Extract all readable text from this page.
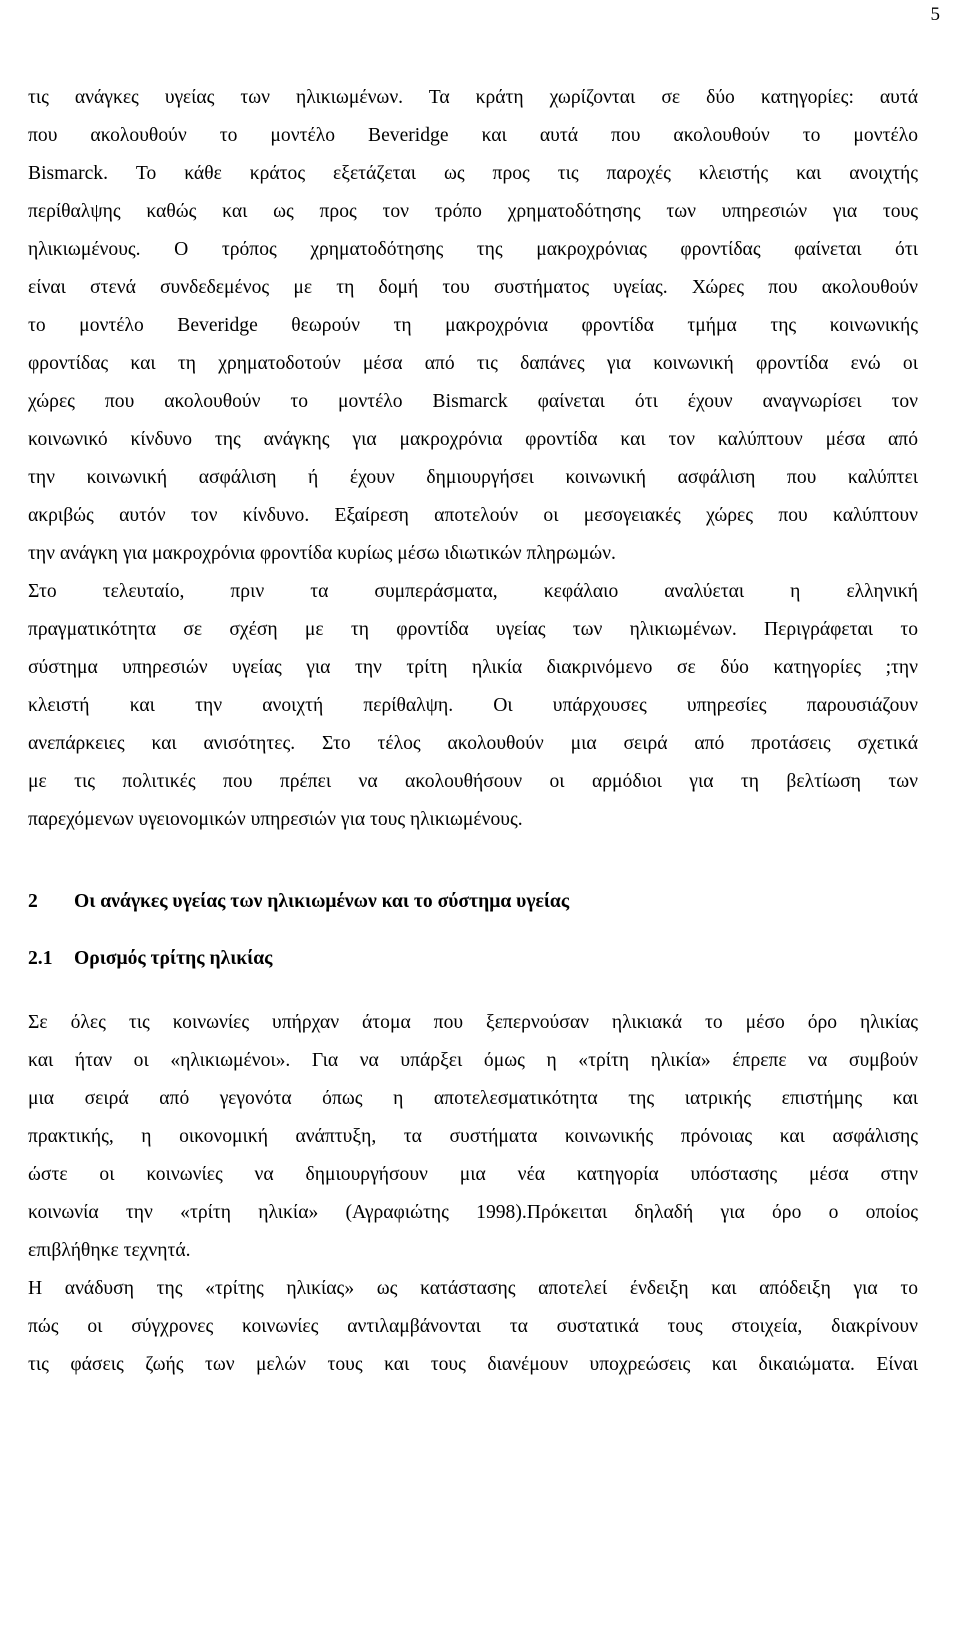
5
τις ανάγκες υγείας των ηλικιωμένων. Τα κράτη χωρίζονται σε δύο κατηγορίες: αυτά
που ακολουθούν το μοντέλο Beveridge και αυτά που ακολουθούν το μοντέλο
Bismarck. Το κάθε κράτος εξετάζεται ως προς τις παροχές κλειστής και ανοιχτής
περίθαλψης καθώς και ως προς τον τρόπο χρηματοδότησης των υπηρεσιών για τους
ηλικιωμένους. Ο τρόπος χρηματοδότησης της μακροχρόνιας φροντίδας φαίνεται ότι
είναι στενά συνδεδεμένος με τη δομή του συστήματος υγείας. Χώρες που ακολουθούν
το μοντέλο Beveridge θεωρούν τη μακροχρόνια φροντίδα τμήμα της κοινωνικής
φροντίδας και τη χρηματοδοτούν μέσα από τις δαπάνες για κοινωνική φροντίδα ενώ οι
χώρες που ακολουθούν το μοντέλο Bismarck φαίνεται ότι έχουν αναγνωρίσει τον
κοινωνικό κίνδυνο της ανάγκης για μακροχρόνια φροντίδα και τον καλύπτουν μέσα από
την κοινωνική ασφάλιση ή έχουν δημιουργήσει κοινωνική ασφάλιση που καλύπτει
ακριβώς αυτόν τον κίνδυνο. Εξαίρεση αποτελούν οι μεσογειακές χώρες που καλύπτουν
την ανάγκη για μακροχρόνια φροντίδα κυρίως μέσω ιδιωτικών πληρωμών.
Στο τελευταίο, πριν τα συμπεράσματα, κεφάλαιο αναλύεται η ελληνική
πραγματικότητα σε σχέση με τη φροντίδα υγείας των ηλικιωμένων. Περιγράφεται το
σύστημα υπηρεσιών υγείας για την τρίτη ηλικία διακρινόμενο σε δύο κατηγορίες ;την
κλειστή και την ανοιχτή περίθαλψη. Οι υπάρχουσες υπηρεσίες παρουσιάζουν
ανεπάρκειες και ανισότητες. Στο τέλος ακολουθούν μια σειρά από προτάσεις σχετικά
με τις πολιτικές που πρέπει να ακολουθήσουν οι αρμόδιοι για τη βελτίωση των
παρεχόμενων υγειονομικών υπηρεσιών για τους ηλικιωμένους.
2 Οι ανάγκες υγείας των ηλικιωμένων και το σύστημα υγείας
2.1 Ορισμός τρίτης ηλικίας
Σε όλες τις κοινωνίες υπήρχαν άτομα που ξεπερνούσαν ηλικιακά το μέσο όρο ηλικίας
και ήταν οι «ηλικιωμένοι». Για να υπάρξει όμως η «τρίτη ηλικία» έπρεπε να συμβούν
μια σειρά από γεγονότα όπως η αποτελεσματικότητα της ιατρικής επιστήμης και
πρακτικής, η οικονομική ανάπτυξη, τα συστήματα κοινωνικής πρόνοιας και ασφάλισης
ώστε οι κοινωνίες να δημιουργήσουν μια νέα κατηγορία υπόστασης μέσα στην
κοινωνία την «τρίτη ηλικία» (Αγραφιώτης 1998).Πρόκειται δηλαδή για όρο ο οποίος
επιβλήθηκε τεχνητά.
Η ανάδυση της «τρίτης ηλικίας» ως κατάστασης αποτελεί ένδειξη και απόδειξη για το
πώς οι σύγχρονες κοινωνίες αντιλαμβάνονται τα συστατικά τους στοιχεία, διακρίνουν
τις φάσεις ζωής των μελών τους και τους διανέμουν υποχρεώσεις και δικαιώματα. Είναι
